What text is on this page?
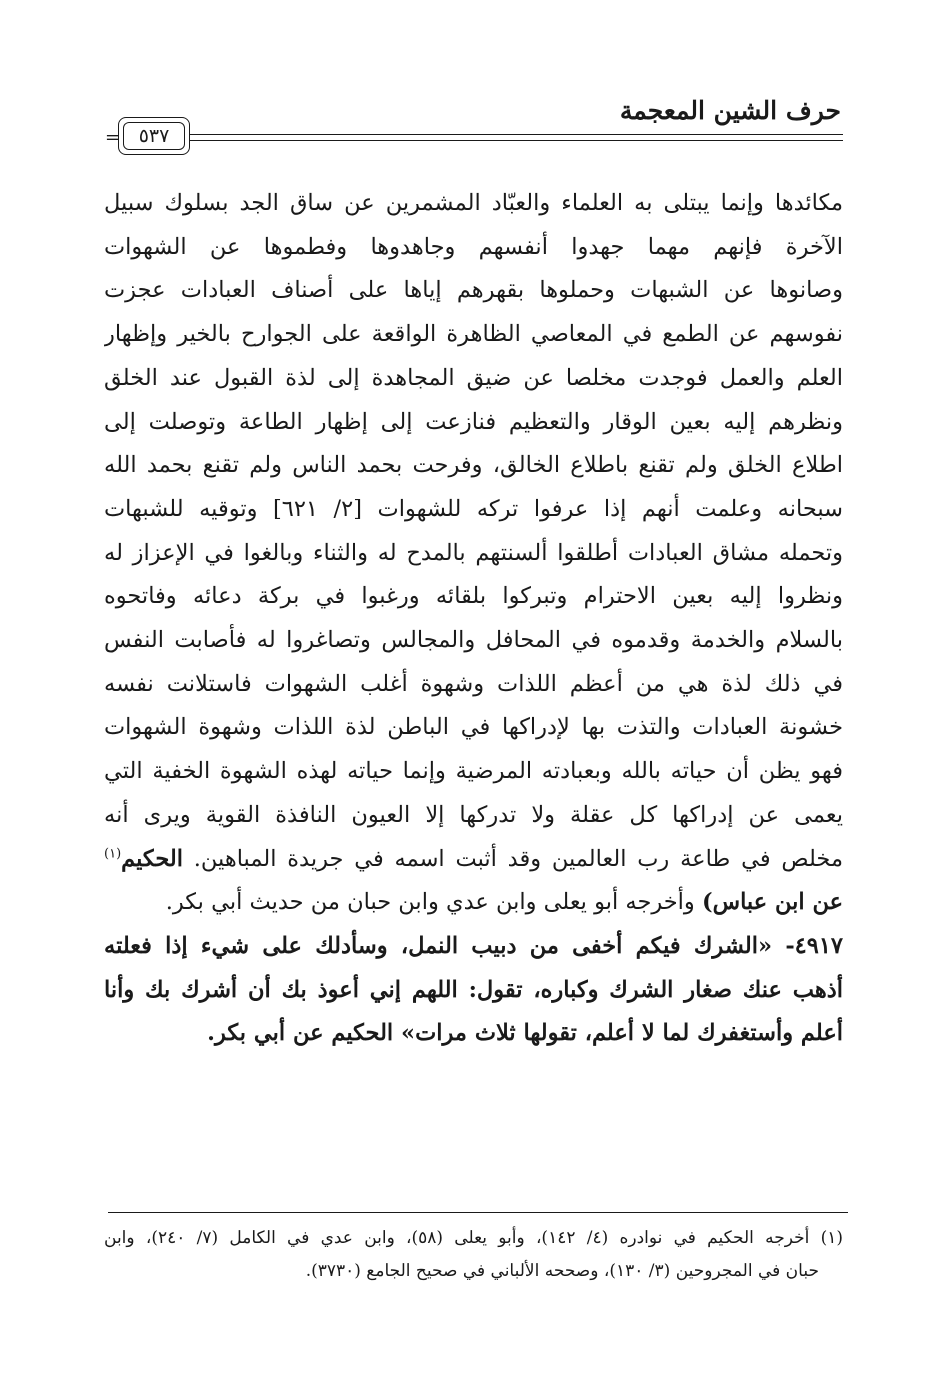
حرف الشين المعجمة
= ٥٣٧
مكائدها وإنما يبتلى به العلماء والعبّاد المشمرين عن ساق الجد بسلوك سبيل
الآخرة فإنهم مهما جهدوا أنفسهم وجاهدوها وفطموها عن الشهوات
وصانوها عن الشبهات وحملوها بقهرهم إياها على أصناف العبادات عجزت
نفوسهم عن الطمع في المعاصي الظاهرة الواقعة على الجوارح بالخير وإظهار
العلم والعمل فوجدت مخلصا عن ضيق المجاهدة إلى لذة القبول عند الخلق
ونظرهم إليه بعين الوقار والتعظيم فنازعت إلى إظهار الطاعة وتوصلت إلى
اطلاع الخلق ولم تقنع باطلاع الخالق، وفرحت بحمد الناس ولم تقنع بحمد الله
سبحانه وعلمت أنهم إذا عرفوا تركه للشهوات [٢/ ٦٢١] وتوقيه للشبهات
وتحمله مشاق العبادات أطلقوا ألسنتهم بالمدح له والثناء وبالغوا في الإعزاز له
ونظروا إليه بعين الاحترام وتبركوا بلقائه ورغبوا في بركة دعائه وفاتحوه
بالسلام والخدمة وقدموه في المحافل والمجالس وتصاغروا له فأصابت النفس
في ذلك لذة هي من أعظم اللذات وشهوة أغلب الشهوات فاستلانت نفسه
خشونة العبادات والتذت بها لإدراكها في الباطن لذة اللذات وشهوة الشهوات
فهو يظن أن حياته بالله وبعبادته المرضية وإنما حياته لهذه الشهوة الخفية التي
يعمى عن إدراكها كل عقلة ولا تدركها إلا العيون النافذة القوية ويرى أنه
مخلص في طاعة رب العالمين وقد أثبت اسمه في جريدة المباهين. الحكيم$^{(١)}$
عن ابن عباس) وأخرجه أبو يعلى وابن عدي وابن حبان من حديث أبي بكر.
٤٩١٧- «الشرك فيكم أخفى من دبيب النمل، وسأدلك على شيء إذا فعلته
أذهب عنك صغار الشرك وكباره، تقول: اللهم إني أعوذ بك أن أشرك بك وأنا
أعلم وأستغفرك لما لا أعلم، تقولها ثلاث مرات» الحكيم عن أبي بكر.
(١) أخرجه الحكيم في نوادره (٤/ ١٤٢)، وأبو يعلى (٥٨)، وابن عدي في الكامل (٧/ ٢٤٠)، وابن
حبان في المجروحين (٣/ ١٣٠)، وصححه الألباني في صحيح الجامع (٣٧٣٠).
